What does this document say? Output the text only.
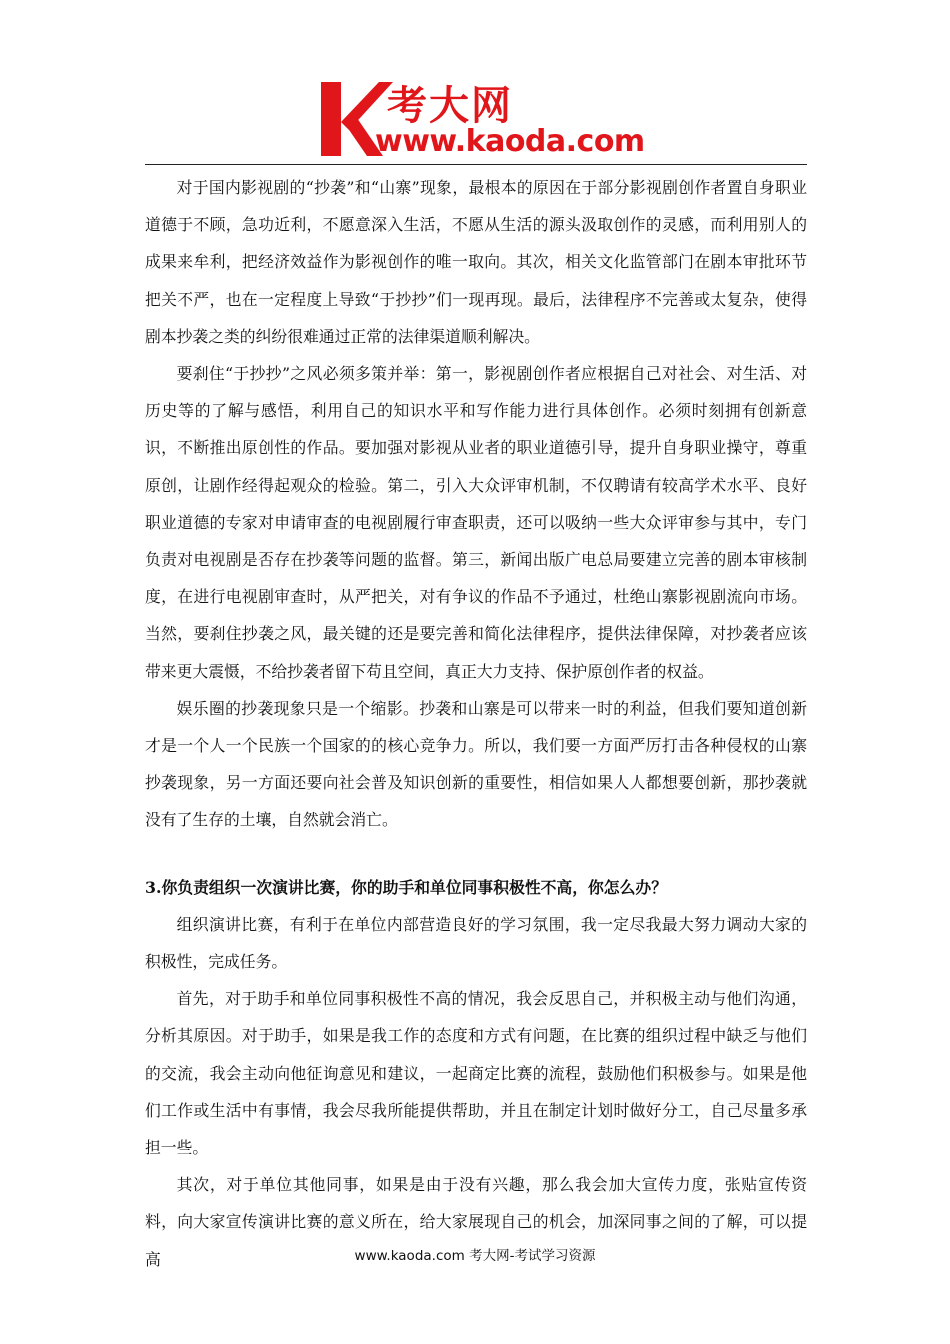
考大网
www.kaoda.com

对于国内影视剧的“抄袭”和“山寨”现象，最根本的原因在于部分影视剧创作者置自身职业道德于不顾，急功近利，不愿意深入生活，不愿从生活的源头汲取创作的灵感，而利用别人的成果来牟利，把经济效益作为影视创作的唯一取向。其次，相关文化监管部门在剧本审批环节把关不严，也在一定程度上导致“于抄抄”们一现再现。最后，法律程序不完善或太复杂，使得剧本抄袭之类的纠纷很难通过正常的法律渠道顺利解决。

要刹住“于抄抄”之风必须多策并举：第一，影视剧创作者应根据自己对社会、对生活、对历史等的了解与感悟，利用自己的知识水平和写作能力进行具体创作。必须时刻拥有创新意识，不断推出原创性的作品。要加强对影视从业者的职业道德引导，提升自身职业操守，尊重原创，让剧作经得起观众的检验。第二，引入大众评审机制，不仅聘请有较高学术水平、良好职业道德的专家对申请审查的电视剧履行审查职责，还可以吸纳一些大众评审参与其中，专门负责对电视剧是否存在抄袭等问题的监督。第三，新闻出版广电总局要建立完善的剧本审核制度，在进行电视剧审查时，从严把关，对有争议的作品不予通过，杜绝山寨影视剧流向市场。当然，要刹住抄袭之风，最关键的还是要完善和简化法律程序，提供法律保障，对抄袭者应该带来更大震慑，不给抄袭者留下苟且空间，真正大力支持、保护原创作者的权益。

娱乐圈的抄袭现象只是一个缩影。抄袭和山寨是可以带来一时的利益，但我们要知道创新才是一个人一个民族一个国家的的核心竞争力。所以，我们要一方面严厉打击各种侵权的山寨抄袭现象，另一方面还要向社会普及知识创新的重要性，相信如果人人都想要创新，那抄袭就没有了生存的土壤，自然就会消亡。

3.你负责组织一次演讲比赛，你的助手和单位同事积极性不高，你怎么办？

组织演讲比赛，有利于在单位内部营造良好的学习氛围，我一定尽我最大努力调动大家的积极性，完成任务。

首先，对于助手和单位同事积极性不高的情况，我会反思自己，并积极主动与他们沟通，分析其原因。对于助手，如果是我工作的态度和方式有问题，在比赛的组织过程中缺乏与他们的交流，我会主动向他征询意见和建议，一起商定比赛的流程，鼓励他们积极参与。如果是他们工作或生活中有事情，我会尽我所能提供帮助，并且在制定计划时做好分工，自己尽量多承担一些。

其次，对于单位其他同事，如果是由于没有兴趣，那么我会加大宣传力度，张贴宣传资料，向大家宣传演讲比赛的意义所在，给大家展现自己的机会，加深同事之间的了解，可以提高	www.kaoda.com 考大网-考试学习资源
